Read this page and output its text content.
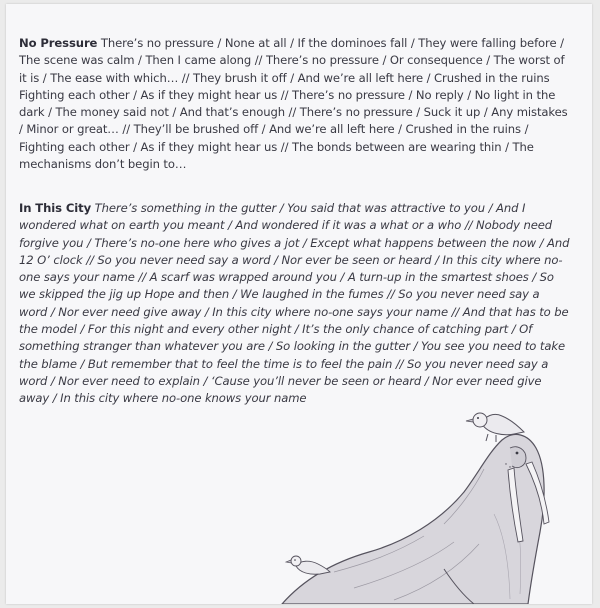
No Pressure There’s no pressure / None at all / If the dominoes fall / They were falling before / The scene was calm / Then I came along // There’s no pressure / Or consequence / The worst of it is / The ease with which… // They brush it off / And we’re all left here / Crushed in the ruins Fighting each other / As if they might hear us // There’s no pressure / No reply / No light in the dark / The money said not / And that’s enough // There’s no pressure / Suck it up / Any mistakes / Minor or great… // They’ll be brushed off / And we’re all left here / Crushed in the ruins / Fighting each other / As if they might hear us // The bonds between are wearing thin / The mechanisms don’t begin to…

In This City There’s something in the gutter / You said that was attractive to you / And I wondered what on earth you meant / And wondered if it was a what or a who // Nobody need forgive you / There’s no-one here who gives a jot / Except what happens between the now / And 12 O’ clock // So you never need say a word / Nor ever be seen or heard / In this city where no-one says your name // A scarf was wrapped around you / A turn-up in the smartest shoes / So we skipped the jig up Hope and then / We laughed in the fumes // So you never need say a word / Nor ever need give away / In this city where no-one says your name // And that has to be the model / For this night and every other night / It’s the only chance of catching part / Of something stranger than whatever you are / So looking in the gutter / You see you need to take the blame / But remember that to feel the time is to feel the pain // So you never need say a word / Nor ever need to explain / ‘Cause you’ll never be seen or heard / Nor ever need give away / In this city where no-one knows your name
